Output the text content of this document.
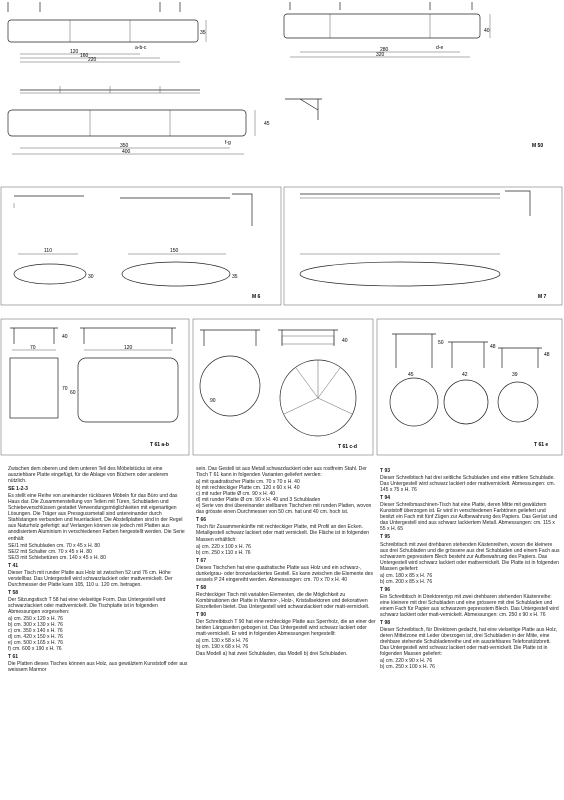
35
a-b-c
120
160
220
40
d-e
280
320
45
f-g
350
400
M 50
110	150
30	35
M 6	M 7
40
70	120
70
60
T 61 a-b
40
90
T 61 c-d
50
48
48
45	42	39
T 61 e

Zwischen dem oberen und dem unteren Teil des Möbelstücks ist eine ausziehbare Platte eingefügt, für die Ablage von Büchern oder anderem nützlich.

SE 1-2-3

Es stellt eine Reihe von aneinander rückbaren Möbeln für das Büro und das Haus dar. Die Zusammenstellung von Teilen mit Türen, Schubladen und Schiebeverschlüssen gestattet Verwendungsmöglichkeiten mit eigenartigen Lösungen. Die Träger aus Pressgussmetall sind untereinander durch Stahlstangen verbunden und feuerlackiert. Die Abstellplatten sind in der Regel aus Naturholz gefertigt: auf Verlangen können sie jedoch mit Platten aus anodisiertem Aluminium in verschiedenen Farben hergestellt werden. Die Serie enthält:

SE/1 mit Schubladen cm. 70 x 45 x H. 80
SE/2 mit Schalter cm. 70 x 45 x H. 80
SE/3 mit Schiebetüren cm. 140 x 45 x H. 80

T 41

Dieser Tisch mit runder Platte aus Holz ist zwischen 52 und 76 cm. Höhe verstellbar. Das Untergestell wird schwarzlackiert oder mattvernickelt. Der Durchmesser der Platte kann 105, 110 u. 120 cm. betragen.

T 58

Der Sitzungstisch T 58 hat eine vielseitige Form. Das Untergestell wird schwarzlackiert oder mattvernickelt. Die Tischplatte ist in folgenden Abmessungen vorgesehen:

a) cm. 250 x 120 x H. 76
b) cm. 300 x 130 x H. 76
c) cm. 350 x 140 x H. 76
d) cm. 420 x 150 x H. 76
e) cm. 500 x 165 x H. 76
f) cm. 600 x 190 x H. 76

T 61

Die Platten dieses Tisches können aus Holz, aus gewälztem Kunststoff oder aus weissem Marmor

sein. Das Gestell ist aus Metall schwarzlackiert oder aus rostfreim Stahl. Der Tisch T 61 kann in folgenden Varianten geliefert werden:

a) mit quadratischer Platte cm. 70 x 70 x H. 40
b) mit rechteckiger Platte cm. 120 x 60 x H. 40
c) mit ruder Platte Ø cm. 90 x H. 40
d) mit runder Platte Ø cm. 90 x H. 40 und 3 Schubladen
e) Serie von drei übereinander stellbaren Tischchen mit runden Platten, wovon das grösste einen Durchmesser von 50 cm. hat und 40 cm. hoch ist.

T 66

Tisch für Zusammenkünfte mit rechteckiger Platte, mit Profil an den Ecken. Metallgestell schwarz lackiert oder matt vernickelt. Die Fläche ist in folgenden Massen erhältlich:

a) cm. 220 x 100 x H. 76
b) cm. 250 x 110 x H. 76

T 67

Dieses Tischchen hat eine quadratische Platte aus Holz und ein schwarz-, dunkelgrau- oder bronzelackiertes Gestell. Es kann zwischen die Elemente des sessels P 24 eingereiht werden. Abmessungen: cm. 70 x 70 x H. 40

T 68

Rechteckiger Tisch mit variablen Elementen, die die Möglichkeit zu Kombinationen der Platte in Marmor-, Holz-, Kristallsektoren und dekorativen Einzelteilen bietet. Das Untergestell wird schwarzlackiert oder matt-vernickelt.

T 90

Der Schreibtisch T 90 hat eine rechteckige Platte aus Sperrholz, die an einer der beiden Längsseiten gebogen ist. Das Untergestell wird schwarz lackiert oder matt-vernickelt. Er wird in folgenden Abmessungen hergestellt:

a) cm. 130 x 58 x H. 76
b) cm. 190 x 68 x H. 76

Das Modell a) hat zwei Schubladen, das Modell b) drei Schubladen.

T 93

Dieser Schreibtisch hat drei seitliche Schubladen und eine mittlere Schublade. Das Untergestell wird schwarz lackiert oder mattvernickelt. Abmessungen: cm. 145 x 75 x H. 76

T 94

Dieser Schreibmaschinen-Tisch hat eine Platte, deren Mitte mit gewälztem Kunststoff überzogen ist. Er wird in verschiedenen Farbtönen geliefert und besitzt ein Fach mit fünf Zügen zur Aufbewahrung des Papiers. Das Gerüst und das Untergestell sind aus schwarz lackiertem Metall. Abmessungen: cm. 115 x 55 x H. 65

T 95

Schreibtisch mit zwei drehbaren stehenden Kästenreihen, wovon die kleinere aus drei Schubladen und die grössere aus drei Schubladen und einem Fach aus schwarzem gepresstem Blech besteht zur Aufbewahrung des Papiers. Das Untergestell wird schwarz lackiert oder mattvernickelt. Die Platte ist in folgenden Massen geliefert:

a) cm. 180 x 85 x H. 76
b) cm. 200 x 85 x H. 76

T 96

Ein Schreibtisch in Direktorentyp mit zwei drehbaren stehenden Kästenreihe: eine kleinere mit drei Schubladen und eine grössere mit drei Schubladen und einem Fach für Papier aus schwarzem gepresstem Blech. Das Untergestell wird schwarz lackiert oder matt-vernickelt. Abmessungen: cm. 250 x 90 x H. 76

T 98

Dieser Schreibtisch, für Direktoren gedacht, hat eine vielseitige Platte aus Holz, deren Mittelzone mit Leder überzogen ist, drei Schubladen in der Mitte, eine drehbare stehende Schubladenreihe und ein ausziehbares Telefonstützbrett. Das Untergestell wird schwarz lackiert oder matt-vernickelt. Die Platte ist in folgenden Massen geliefert:

a) cm. 220 x 90 x H. 76
b) cm. 250 x 100 x H. 76
